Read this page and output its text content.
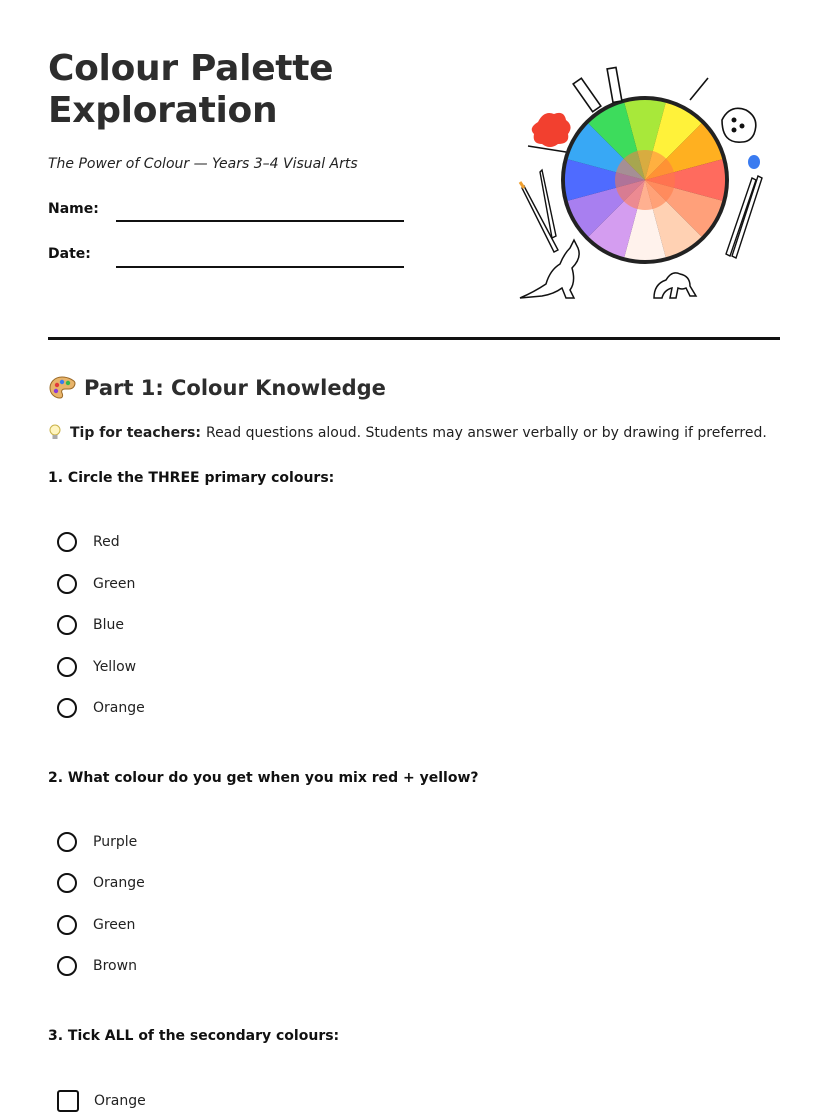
Colour Palette
Exploration
The Power of Colour — Years 3–4 Visual Arts
Name:
Date:
Part 1: Colour Knowledge
Tip for teachers: Read questions aloud. Students may answer verbally or by drawing if preferred.
1. Circle the THREE primary colours:
Red
Green
Blue
Yellow
Orange
2. What colour do you get when you mix red + yellow?
Purple
Orange
Green
Brown
3. Tick ALL of the secondary colours:
Orange
